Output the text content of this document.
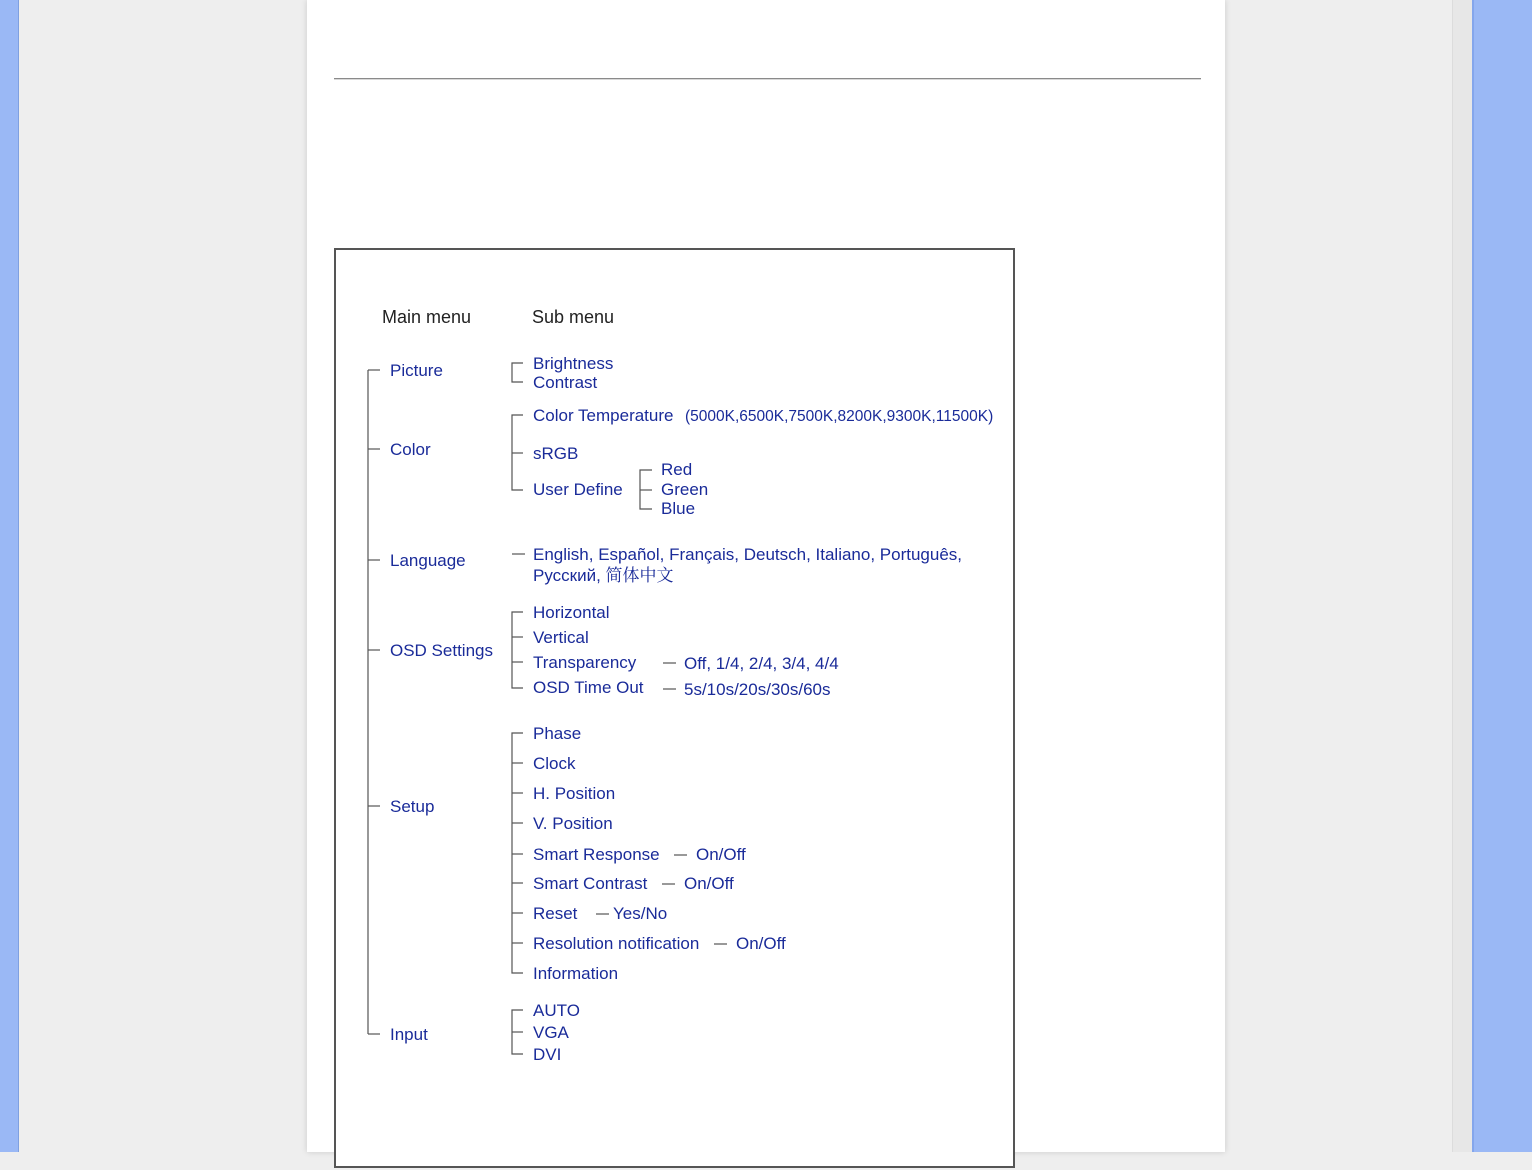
Main menu	Sub menu
Picture
Color
Language
OSD Settings
Setup
Input
Brightness
Contrast
Color Temperature (5000K,6500K,7500K,8200K,9300K,11500K)
sRGB
User Define
Red
Green
Blue
English, Español, Français, Deutsch, Italiano, Português,
Русский, 简体中文
Horizontal
Vertical
Transparency	Off, 1/4, 2/4, 3/4, 4/4
OSD Time Out 5s/10s/20s/30s/60s
Phase
Clock
H. Position
V. Position
Smart Response On/Off
Smart Contrast On/Off
Reset Yes/No
Resolution notification On/Off
Information
AUTO
VGA
DVI
